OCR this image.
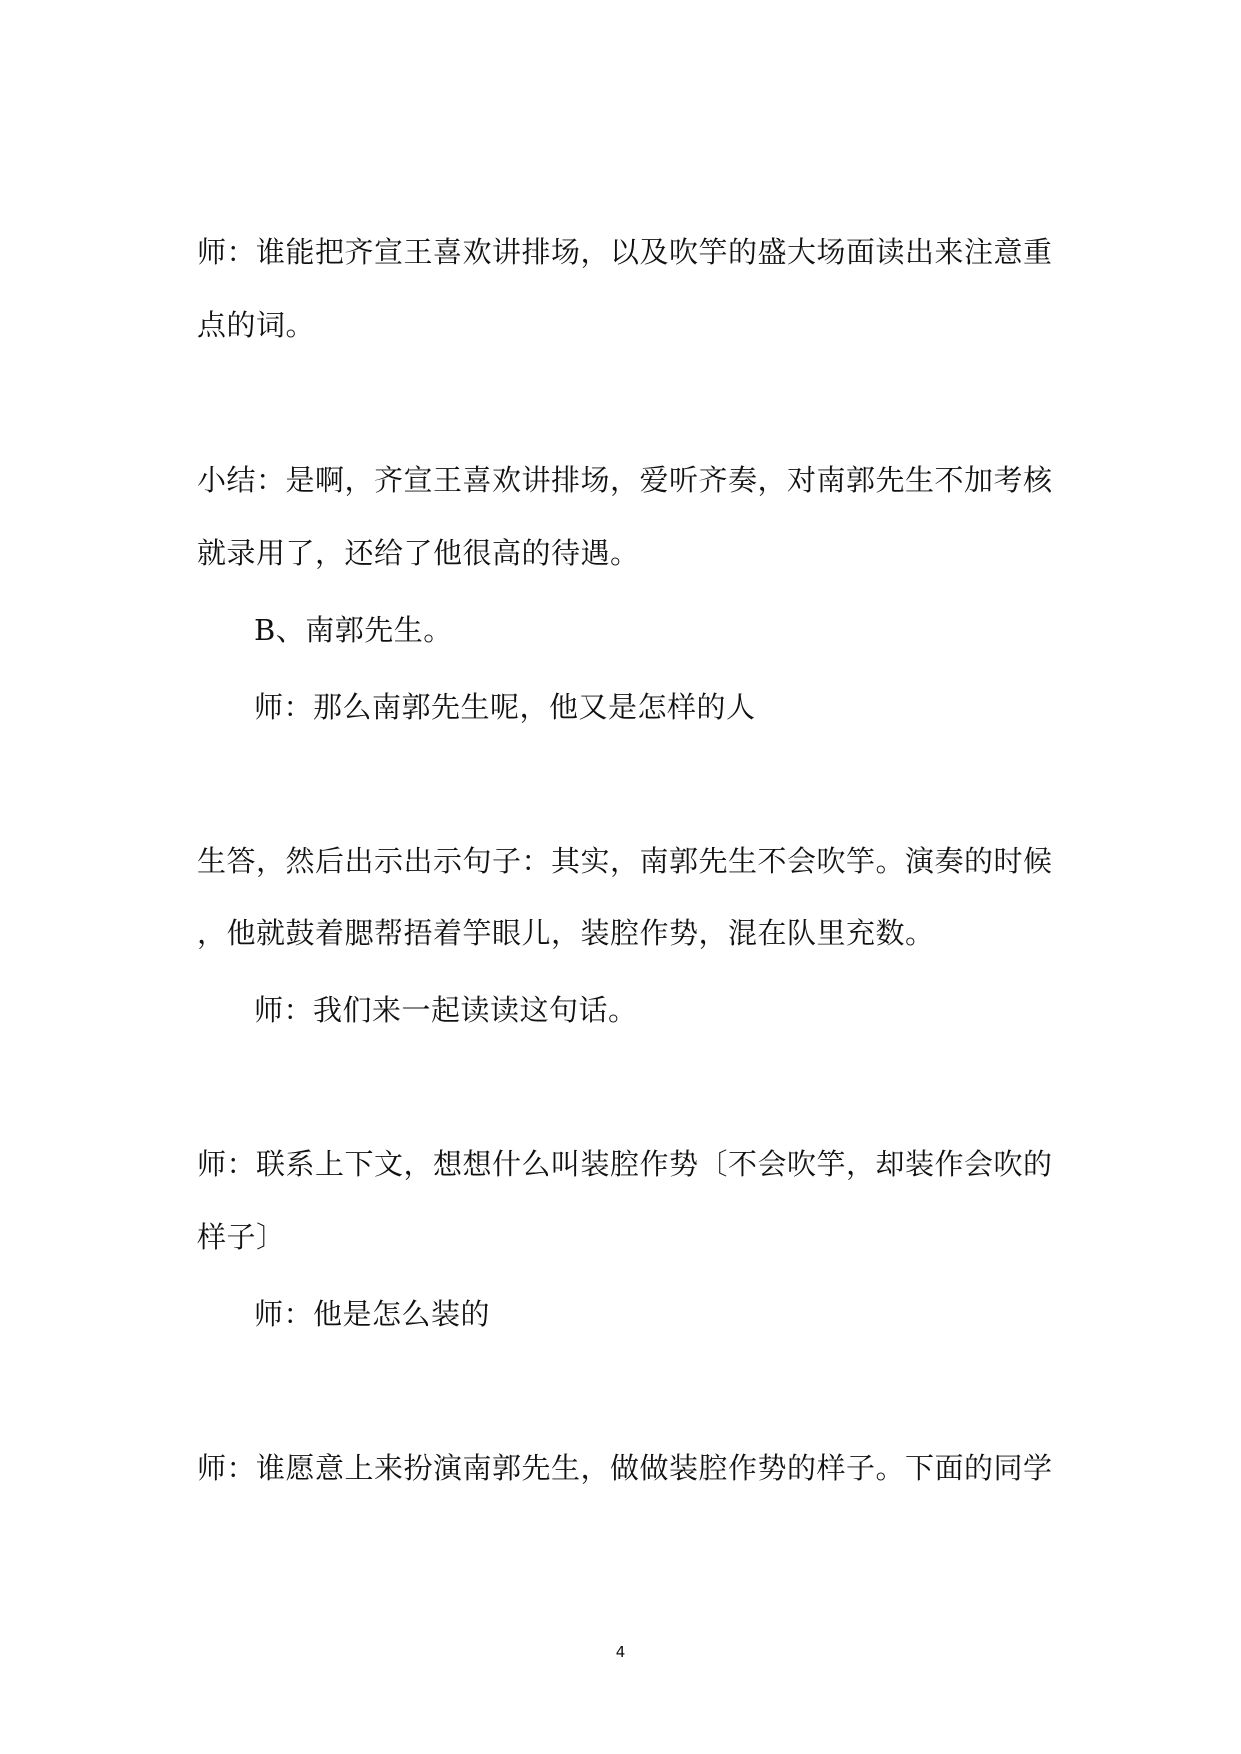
师：谁能把齐宣王喜欢讲排场，以及吹竽的盛大场面读出来注意重
点的词。
小结：是啊，齐宣王喜欢讲排场，爱听齐奏，对南郭先生不加考核
就录用了，还给了他很高的待遇。
B、南郭先生。
师：那么南郭先生呢，他又是怎样的人
生答，然后出示出示句子：其实，南郭先生不会吹竽。演奏的时候
，他就鼓着腮帮捂着竽眼儿，装腔作势，混在队里充数。
师：我们来一起读读这句话。
师：联系上下文，想想什么叫装腔作势〔不会吹竽，却装作会吹的
样子〕
师：他是怎么装的
师：谁愿意上来扮演南郭先生，做做装腔作势的样子。下面的同学
4
